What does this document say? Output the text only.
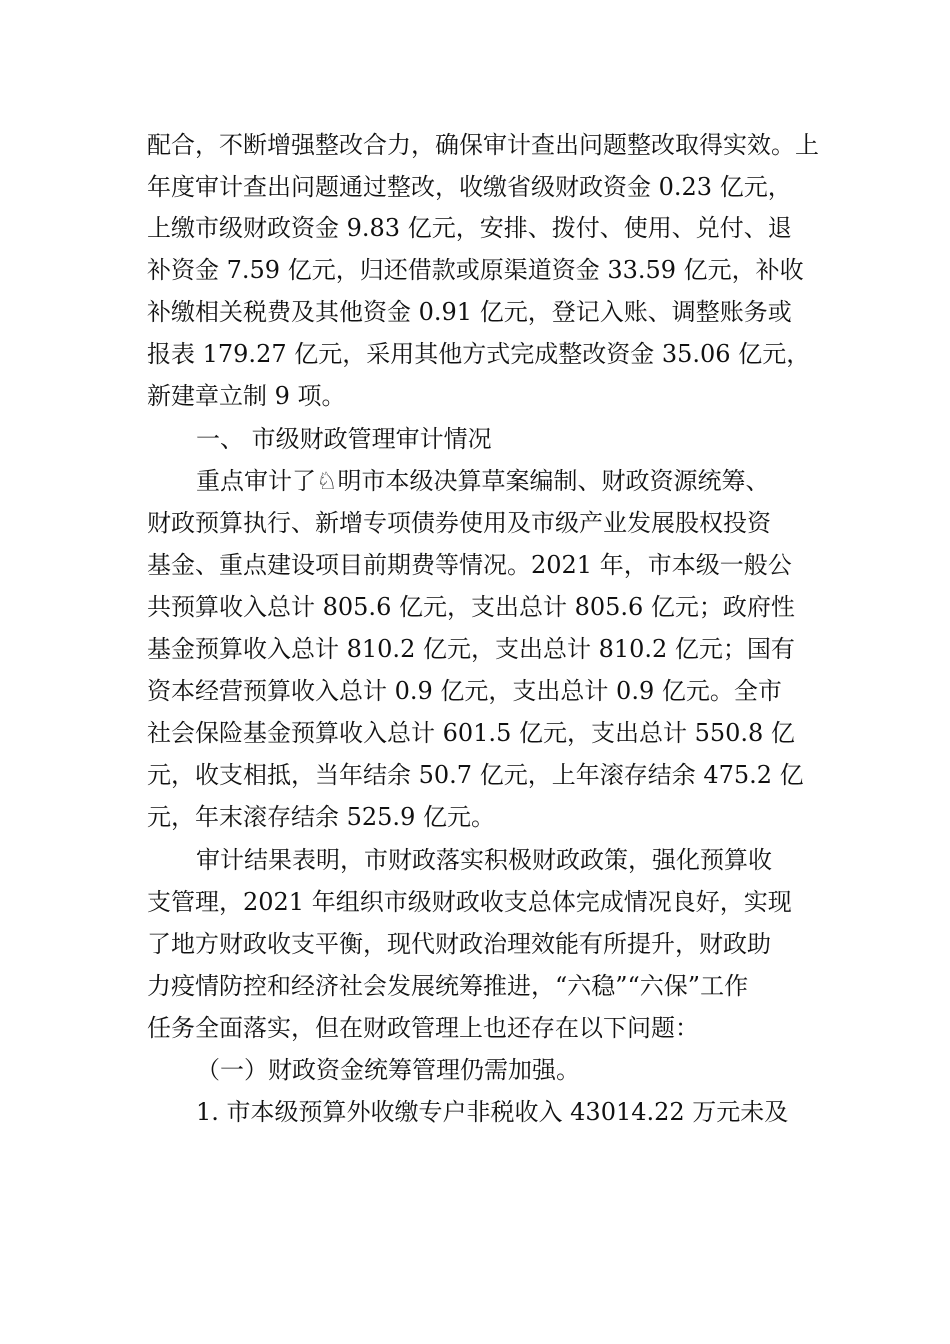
配合，不断增强整改合力，确保审计查出问题整改取得实效。上
年度审计查出问题通过整改，收缴省级财政资金 0.23 亿元，
上缴市级财政资金 9.83 亿元，安排、拨付、使用、兑付、退
补资金 7.59 亿元，归还借款或原渠道资金 33.59 亿元，补收
补缴相关税费及其他资金 0.91 亿元，登记入账、调整账务或
报表 179.27 亿元，采用其他方式完成整改资金 35.06 亿元，
新建章立制 9 项。
一、 市级财政管理审计情况
重点审计了♘明市本级决算草案编制、财政资源统筹、
财政预算执行、新增专项债券使用及市级产业发展股权投资
基金、重点建设项目前期费等情况。2021 年，市本级一般公
共预算收入总计 805.6 亿元，支出总计 805.6 亿元；政府性
基金预算收入总计 810.2 亿元，支出总计 810.2 亿元；国有
资本经营预算收入总计 0.9 亿元，支出总计 0.9 亿元。全市
社会保险基金预算收入总计 601.5 亿元，支出总计 550.8 亿
元，收支相抵，当年结余 50.7 亿元，上年滚存结余 475.2 亿
元，年末滚存结余 525.9 亿元。
审计结果表明，市财政落实积极财政政策，强化预算收
支管理，2021 年组织市级财政收支总体完成情况良好，实现
了地方财政收支平衡，现代财政治理效能有所提升，财政助
力疫情防控和经济社会发展统筹推进，“六稳”“六保”工作
任务全面落实，但在财政管理上也还存在以下问题：
（一）财政资金统筹管理仍需加强。
1. 市本级预算外收缴专户非税收入 43014.22 万元未及
